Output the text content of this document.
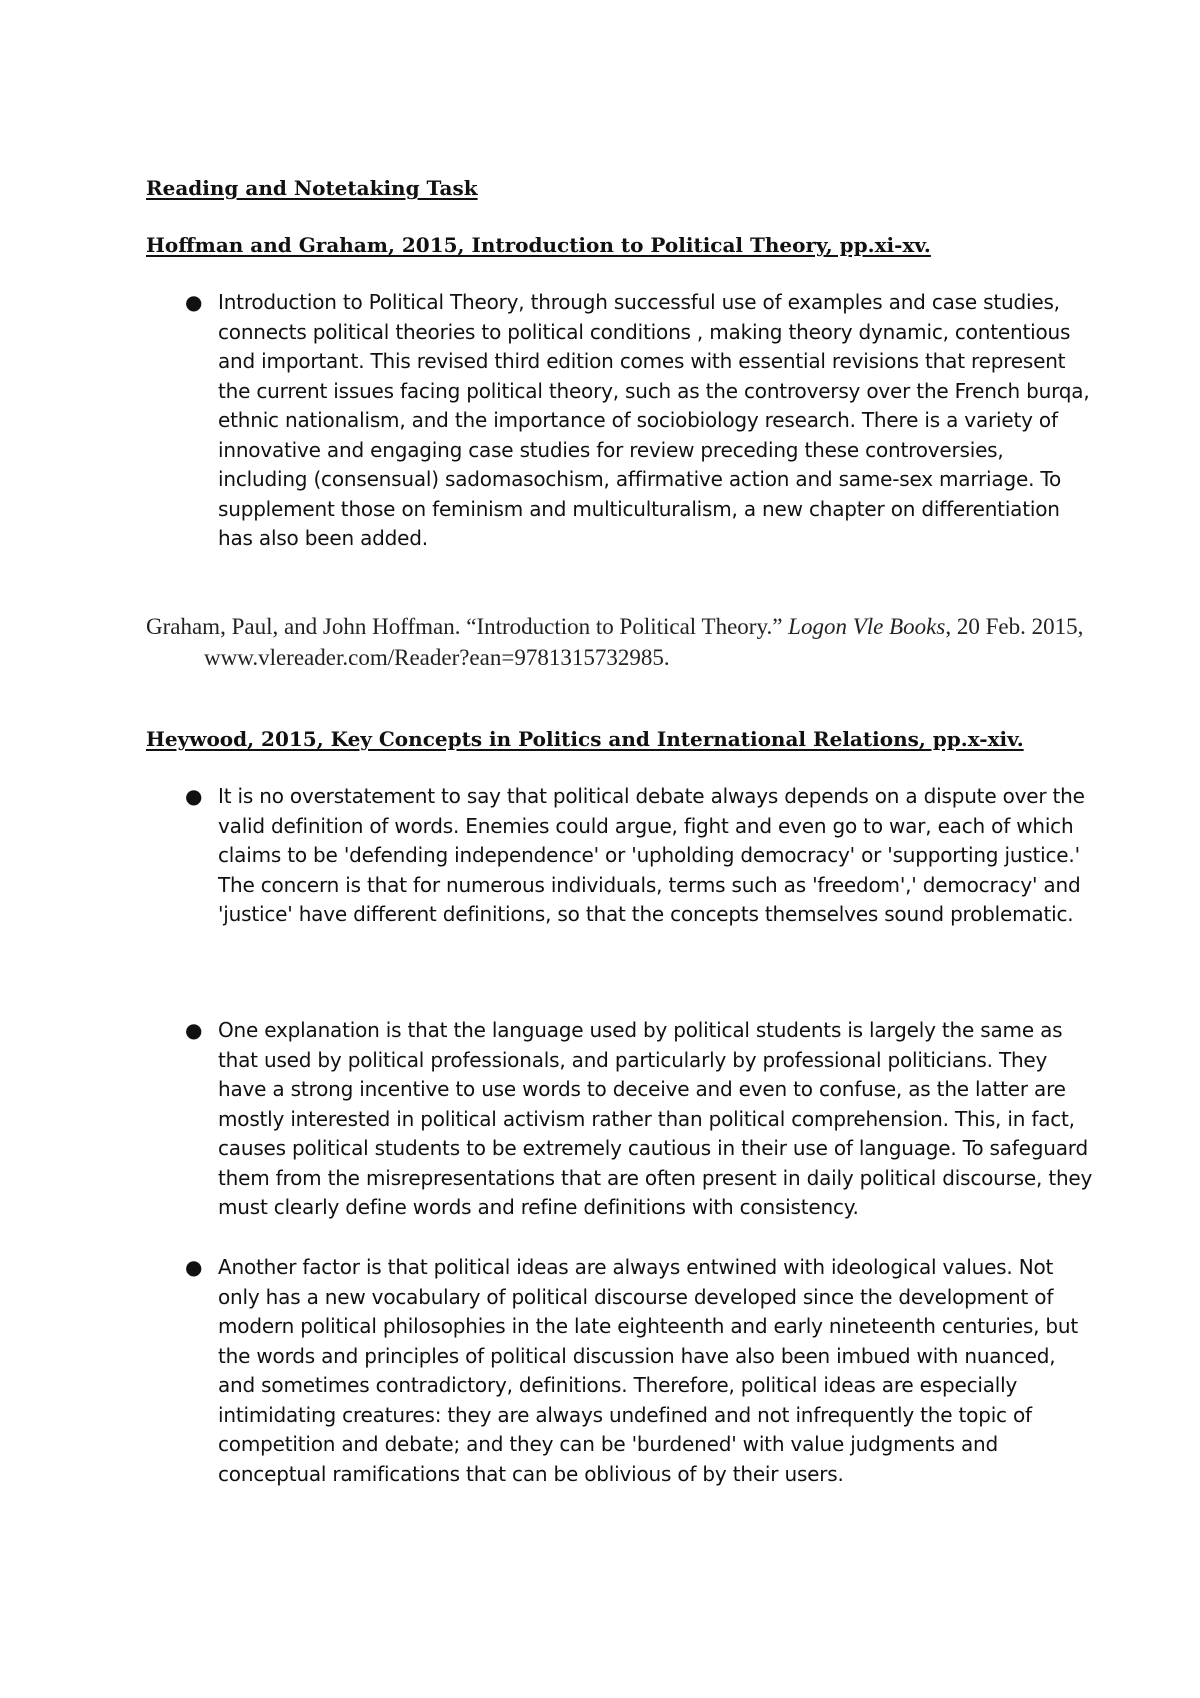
Reading and Notetaking Task
Hoffman and Graham, 2015, Introduction to Political Theory, pp.xi-xv.
● Introduction to Political Theory, through successful use of examples and case studies, connects political theories to political conditions , making theory dynamic, contentious and important. This revised third edition comes with essential revisions that represent the current issues facing political theory, such as the controversy over the French burqa, ethnic nationalism, and the importance of sociobiology research. There is a variety of innovative and engaging case studies for review preceding these controversies, including (consensual) sadomasochism, affirmative action and same-sex marriage. To supplement those on feminism and multiculturalism, a new chapter on differentiation has also been added.
Graham, Paul, and John Hoffman. “Introduction to Political Theory.” Logon Vle Books, 20 Feb. 2015, www.vlereader.com/Reader?ean=9781315732985.
Heywood, 2015, Key Concepts in Politics and International Relations, pp.x-xiv.
● It is no overstatement to say that political debate always depends on a dispute over the valid definition of words. Enemies could argue, fight and even go to war, each of which claims to be 'defending independence' or 'upholding democracy' or 'supporting justice.' The concern is that for numerous individuals, terms such as 'freedom',' democracy' and 'justice' have different definitions, so that the concepts themselves sound problematic.
● One explanation is that the language used by political students is largely the same as that used by political professionals, and particularly by professional politicians. They have a strong incentive to use words to deceive and even to confuse, as the latter are mostly interested in political activism rather than political comprehension. This, in fact, causes political students to be extremely cautious in their use of language. To safeguard them from the misrepresentations that are often present in daily political discourse, they must clearly define words and refine definitions with consistency.
● Another factor is that political ideas are always entwined with ideological values. Not only has a new vocabulary of political discourse developed since the development of modern political philosophies in the late eighteenth and early nineteenth centuries, but the words and principles of political discussion have also been imbued with nuanced, and sometimes contradictory, definitions. Therefore, political ideas are especially intimidating creatures: they are always undefined and not infrequently the topic of competition and debate; and they can be 'burdened' with value judgments and conceptual ramifications that can be oblivious of by their users.
